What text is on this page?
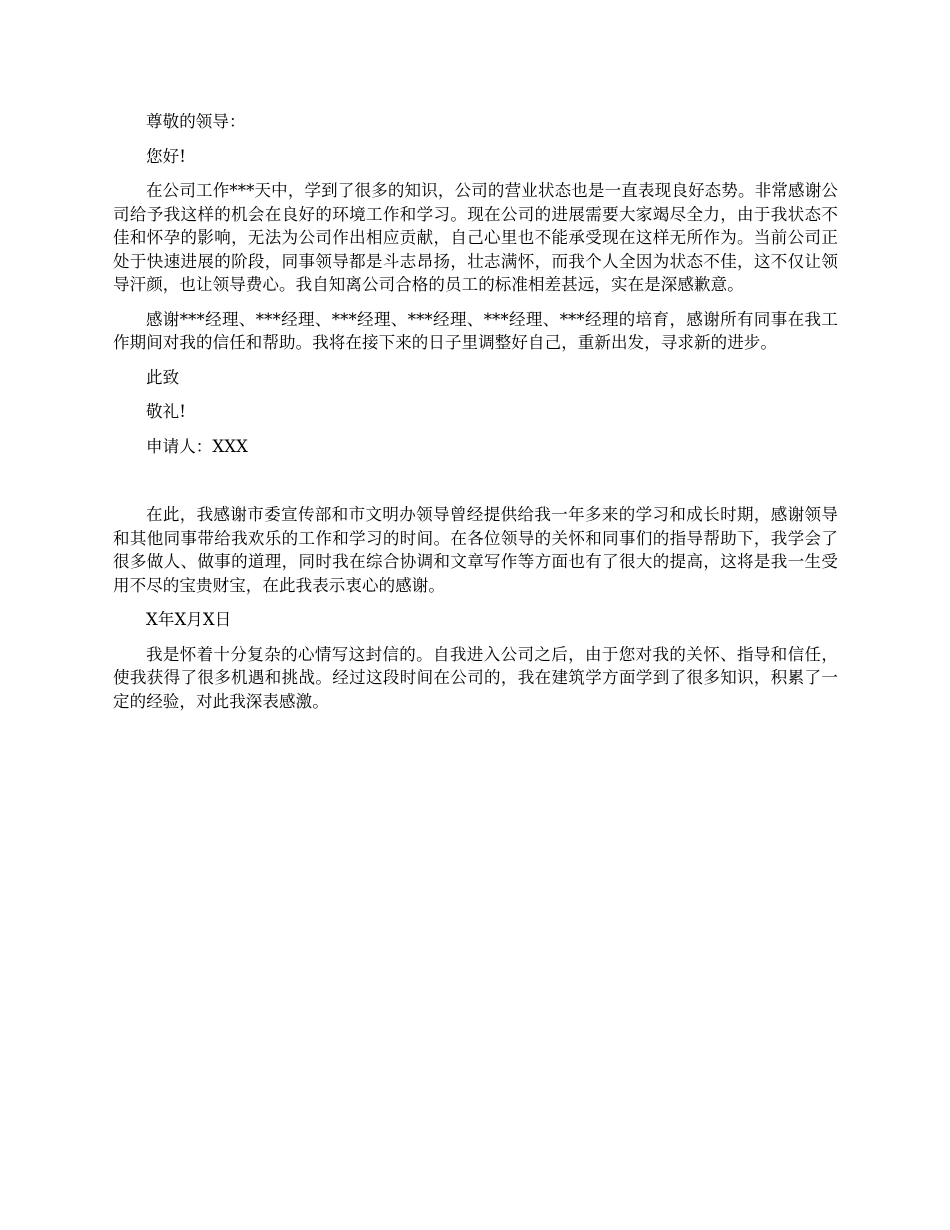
尊敬的领导：

您好!

在公司工作***天中，学到了很多的知识，公司的营业状态也是一直表现良好态势。非常感谢公司给予我这样的机会在良好的环境工作和学习。现在公司的进展需要大家竭尽全力，由于我状态不佳和怀孕的影响，无法为公司作出相应贡献，自己心里也不能承受现在这样无所作为。当前公司正处于快速进展的阶段，同事领导都是斗志昂扬，壮志满怀，而我个人全因为状态不佳，这不仅让领导汗颜，也让领导费心。我自知离公司合格的员工的标准相差甚远，实在是深感歉意。

感谢***经理、***经理、***经理、***经理、***经理、***经理的培育，感谢所有同事在我工作期间对我的信任和帮助。我将在接下来的日子里调整好自己，重新出发，寻求新的进步。

此致

敬礼!

申请人：XXX

在此，我感谢市委宣传部和市文明办领导曾经提供给我一年多来的学习和成长时期，感谢领导和其他同事带给我欢乐的工作和学习的时间。在各位领导的关怀和同事们的指导帮助下，我学会了很多做人、做事的道理，同时我在综合协调和文章写作等方面也有了很大的提高，这将是我一生受用不尽的宝贵财宝，在此我表示衷心的感谢。

X年X月X日

我是怀着十分复杂的心情写这封信的。自我进入公司之后，由于您对我的关怀、指导和信任，使我获得了很多机遇和挑战。经过这段时间在公司的，我在建筑学方面学到了很多知识，积累了一定的经验，对此我深表感激。
